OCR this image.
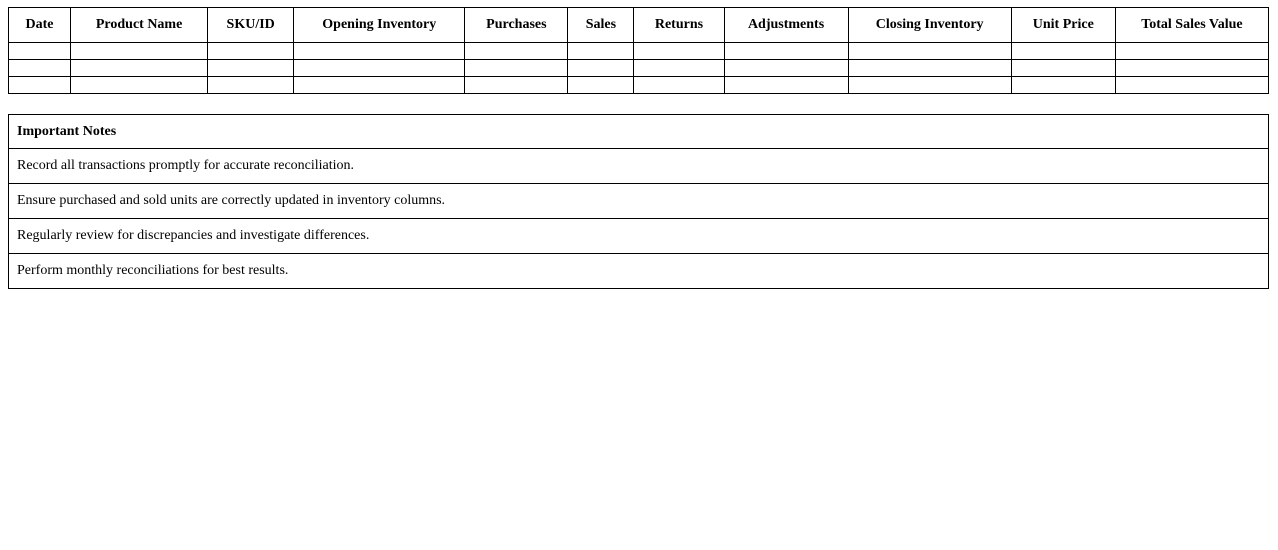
Date	Product Name	SKU/ID	Opening Inventory	Purchases	Sales	Returns	Adjustments	Closing Inventory	Unit Price	Total Sales Value

Important Notes
Record all transactions promptly for accurate reconciliation.
Ensure purchased and sold units are correctly updated in inventory columns.
Regularly review for discrepancies and investigate differences.
Perform monthly reconciliations for best results.
